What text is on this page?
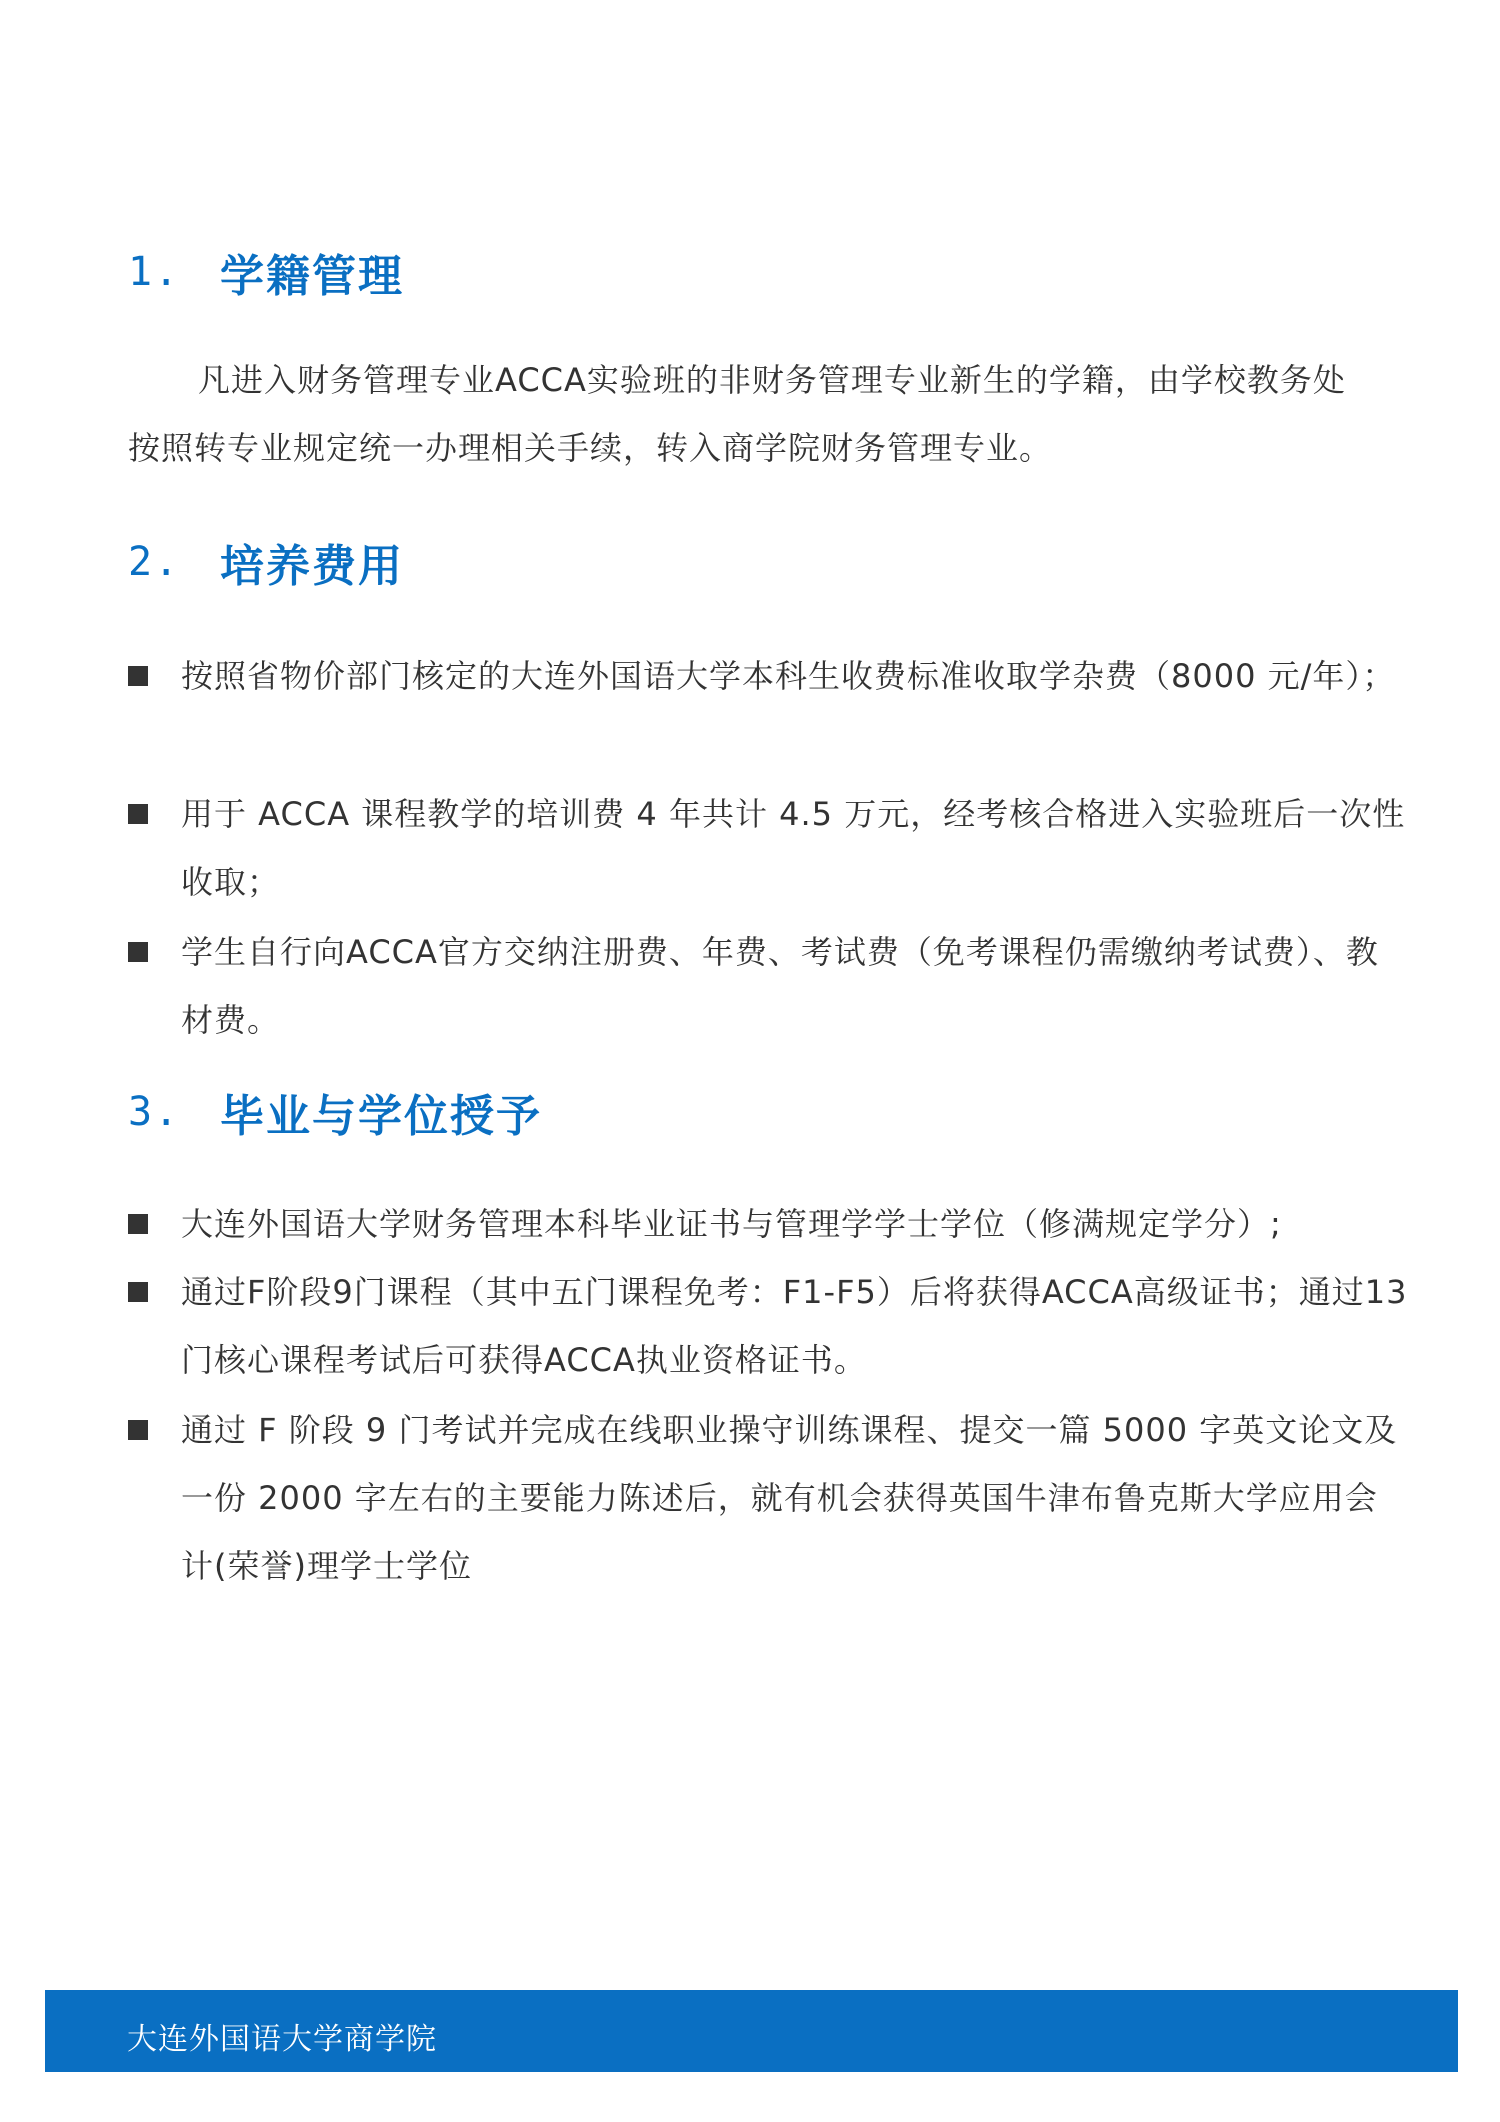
1. 学籍管理
凡进入财务管理专业ACCA实验班的非财务管理专业新生的学籍，由学校教务处按照转专业规定统一办理相关手续，转入商学院财务管理专业。
2. 培养费用
按照省物价部门核定的大连外国语大学本科生收费标准收取学杂费（8000 元/年）；
用于 ACCA 课程教学的培训费 4 年共计 4.5 万元，经考核合格进入实验班后一次性收取；
学生自行向ACCA官方交纳注册费、年费、考试费（免考课程仍需缴纳考试费）、教材费。
3. 毕业与学位授予
大连外国语大学财务管理本科毕业证书与管理学学士学位（修满规定学分）;
通过F阶段9门课程（其中五门课程免考：F1-F5）后将获得ACCA高级证书；通过13门核心课程考试后可获得ACCA执业资格证书。
通过 F 阶段 9 门考试并完成在线职业操守训练课程、提交一篇 5000 字英文论文及一份 2000 字左右的主要能力陈述后，就有机会获得英国牛津布鲁克斯大学应用会计(荣誉)理学士学位
大连外国语大学商学院
